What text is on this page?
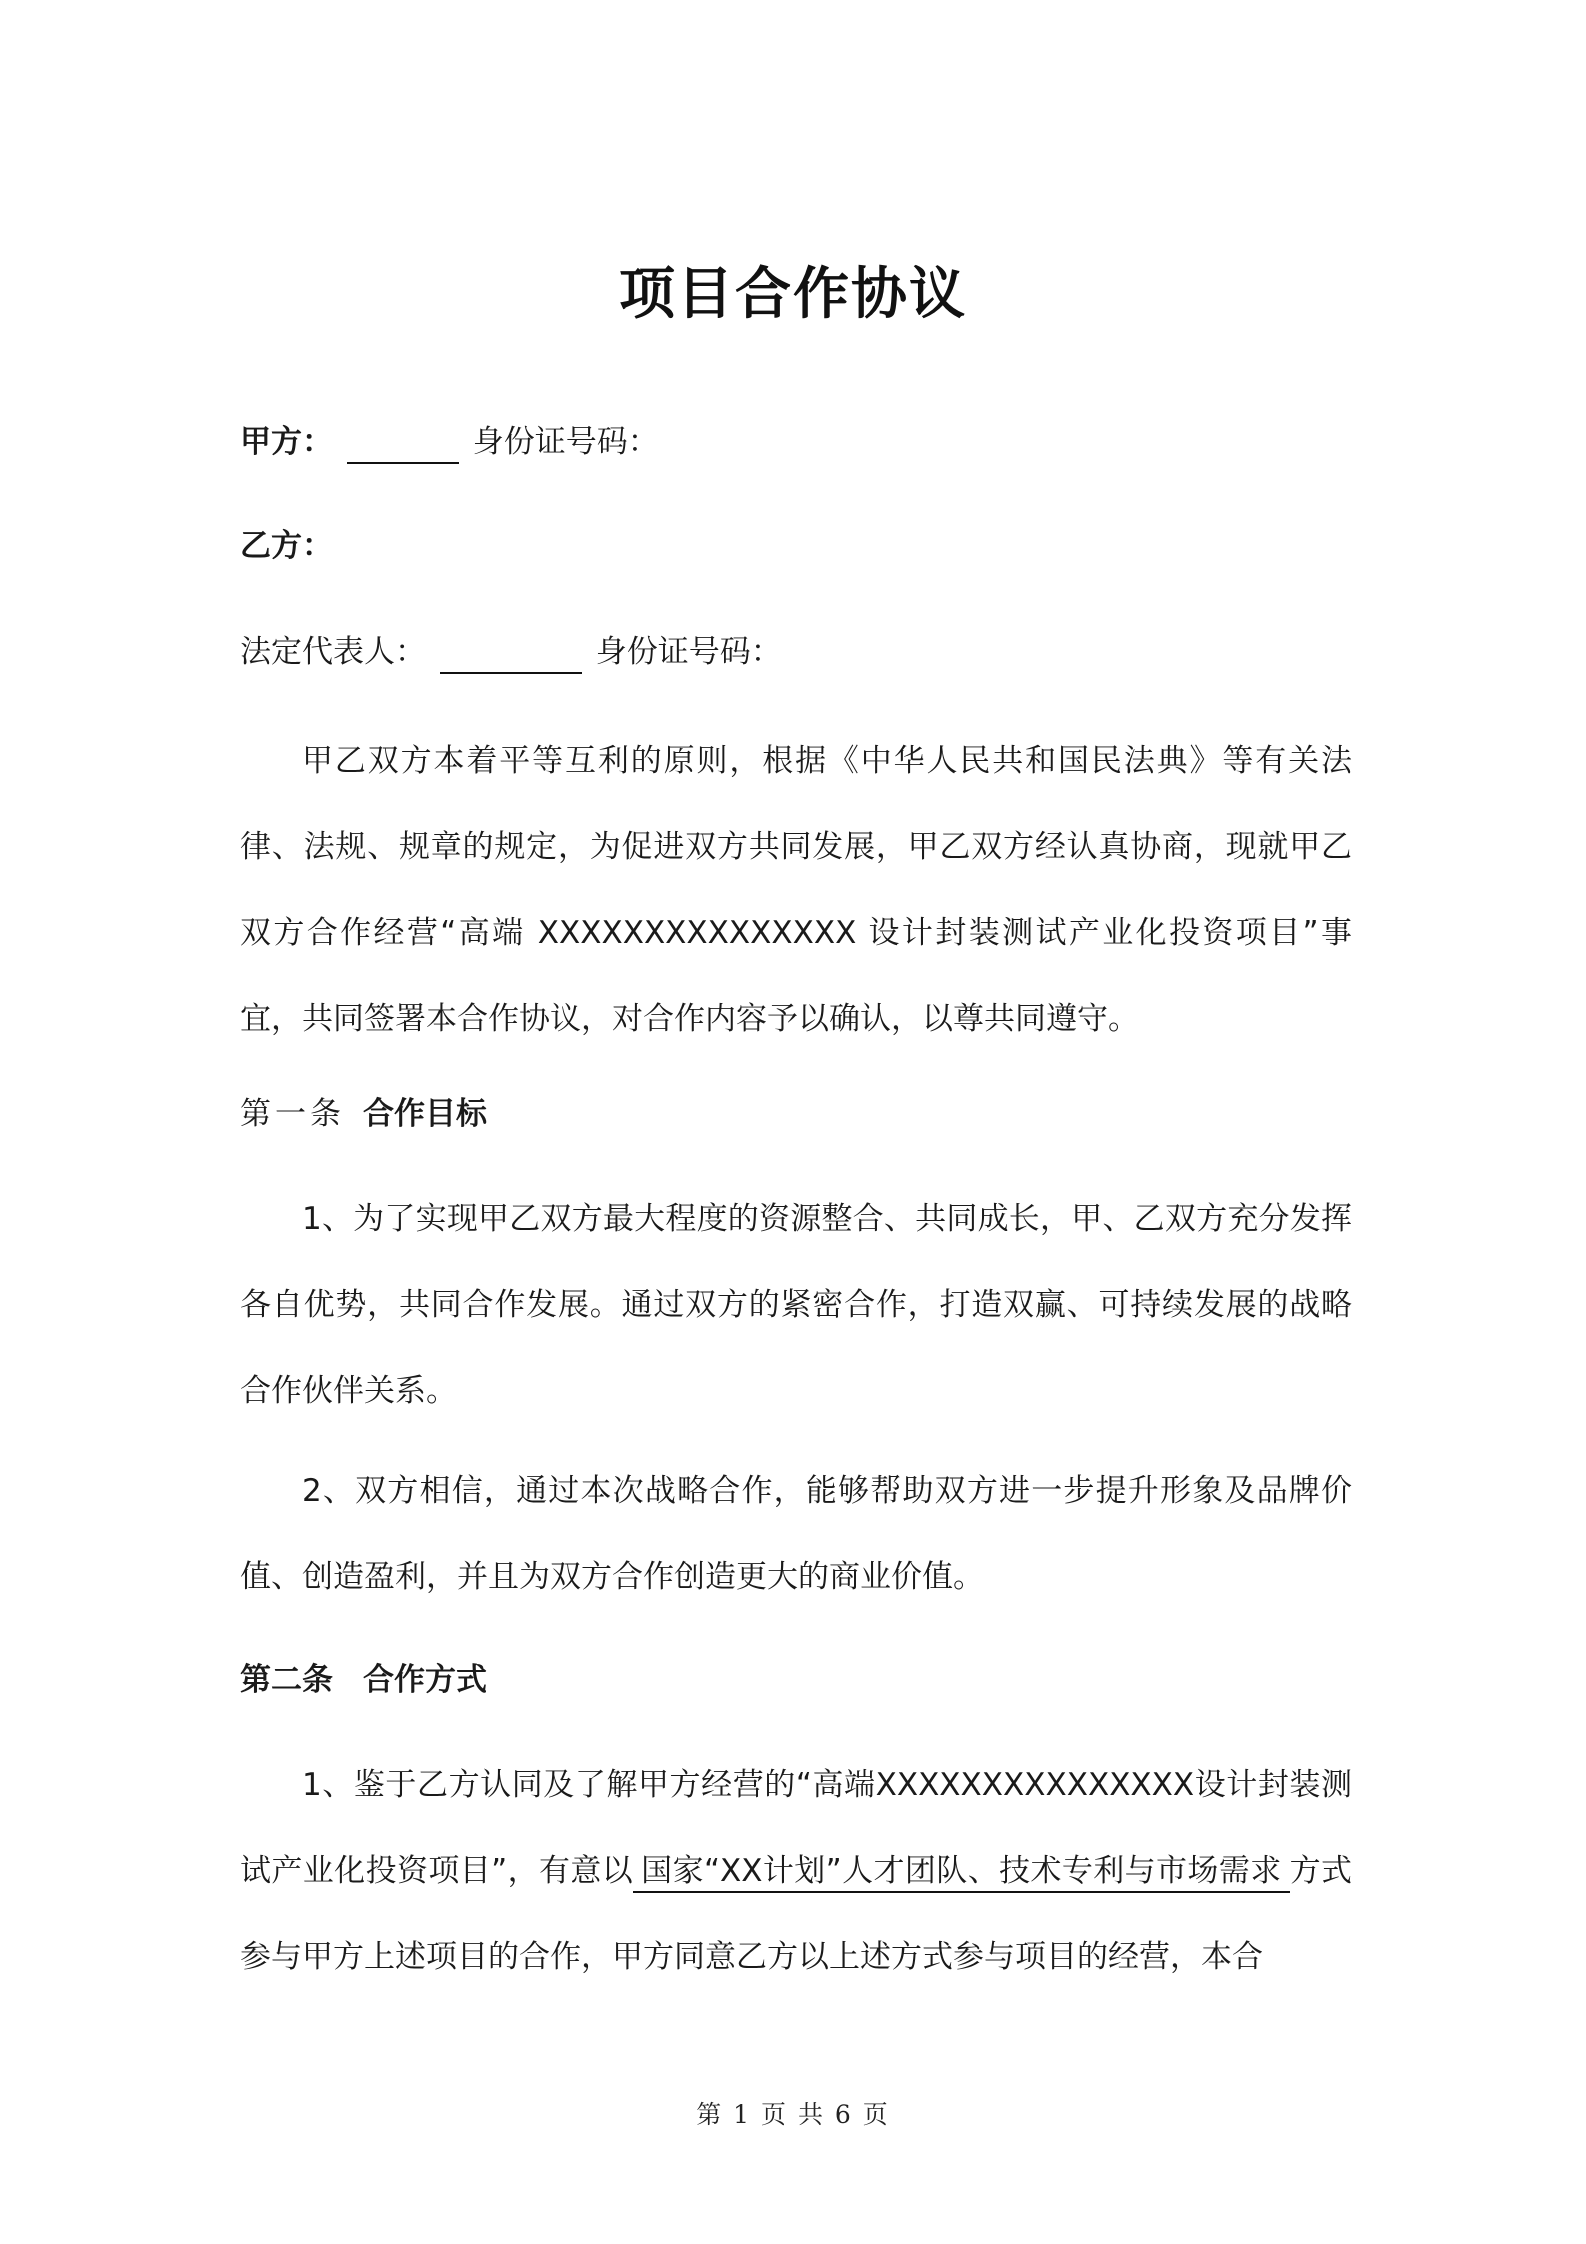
项目合作协议
甲方：	身份证号码：
乙方：
法定代表人：	身份证号码：
甲乙双方本着平等互利的原则，根据《中华人民共和国民法典》等有关法律、法规、规章的规定，为促进双方共同发展，甲乙双方经认真协商，现就甲乙双方合作经营“高端 XXXXXXXXXXXXXXX 设计封装测试产业化投资项目”事宜，共同签署本合作协议，对合作内容予以确认，以尊共同遵守。
第一条 合作目标
1、为了实现甲乙双方最大程度的资源整合、共同成长，甲、乙双方充分发挥各自优势，共同合作发展。通过双方的紧密合作，打造双赢、可持续发展的战略合作伙伴关系。
2、双方相信，通过本次战略合作，能够帮助双方进一步提升形象及品牌价值、创造盈利，并且为双方合作创造更大的商业价值。
第二条 合作方式
1、鉴于乙方认同及了解甲方经营的“高端XXXXXXXXXXXXXXX设计封装测试产业化投资项目”，有意以 国家“XX计划”人才团队、技术专利与市场需求 方式参与甲方上述项目的合作，甲方同意乙方以上述方式参与项目的经营，本合
第 1 页 共 6 页
